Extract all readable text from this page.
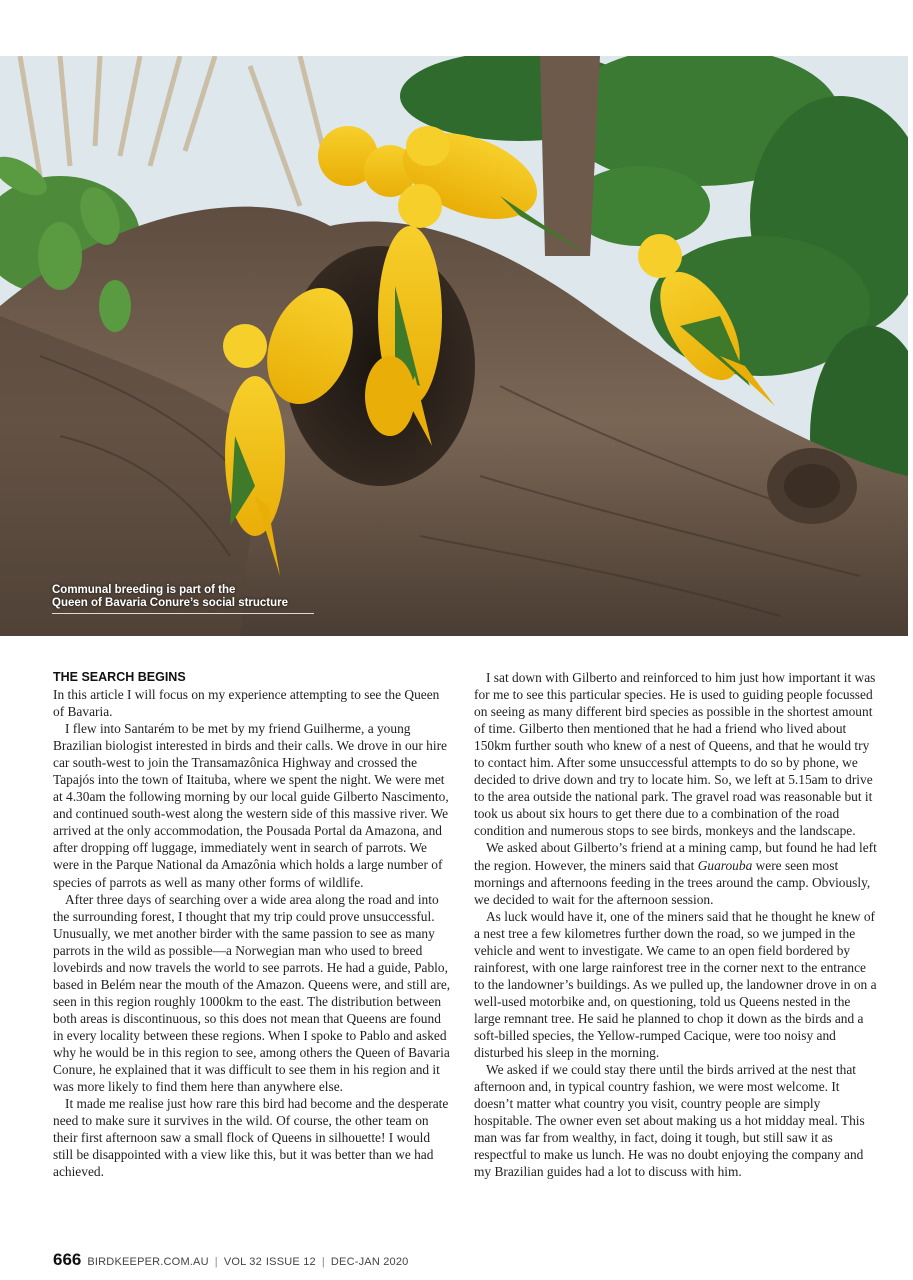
Communal breeding is part of the
Queen of Bavaria Conure’s social structure
THE SEARCH BEGINS

In this article I will focus on my experience attempting to see the Queen of Bavaria.

I flew into Santarém to be met by my friend Guilherme, a young Brazilian biologist interested in birds and their calls. We drove in our hire car south-west to join the Transamazônica Highway and crossed the Tapajós into the town of Itaituba, where we spent the night. We were met at 4.30am the following morning by our local guide Gilberto Nascimento, and continued south-west along the western side of this massive river. We arrived at the only accommodation, the Pousada Portal da Amazona, and after dropping off luggage, immediately went in search of parrots. We were in the Parque National da Amazônia which holds a large number of species of parrots as well as many other forms of wildlife.

After three days of searching over a wide area along the road and into the surrounding forest, I thought that my trip could prove unsuccessful. Unusually, we met another birder with the same passion to see as many parrots in the wild as possible—a Norwegian man who used to breed lovebirds and now travels the world to see parrots. He had a guide, Pablo, based in Belém near the mouth of the Amazon. Queens were, and still are, seen in this region roughly 1000km to the east. The distribution between both areas is discontinuous, so this does not mean that Queens are found in every locality between these regions. When I spoke to Pablo and asked why he would be in this region to see, among others the Queen of Bavaria Conure, he explained that it was difficult to see them in his region and it was more likely to find them here than anywhere else.

It made me realise just how rare this bird had become and the desperate need to make sure it survives in the wild. Of course, the other team on their first afternoon saw a small flock of Queens in silhouette! I would still be disappointed with a view like this, but it was better than we had achieved.

I sat down with Gilberto and reinforced to him just how important it was for me to see this particular species. He is used to guiding people focussed on seeing as many different bird species as possible in the shortest amount of time. Gilberto then mentioned that he had a friend who lived about 150km further south who knew of a nest of Queens, and that he would try to contact him. After some unsuccessful attempts to do so by phone, we decided to drive down and try to locate him. So, we left at 5.15am to drive to the area outside the national park. The gravel road was reasonable but it took us about six hours to get there due to a combination of the road condition and numerous stops to see birds, monkeys and the landscape.

We asked about Gilberto’s friend at a mining camp, but found he had left the region. However, the miners said that Guarouba were seen most mornings and afternoons feeding in the trees around the camp. Obviously, we decided to wait for the afternoon session.

As luck would have it, one of the miners said that he thought he knew of a nest tree a few kilometres further down the road, so we jumped in the vehicle and went to investigate. We came to an open field bordered by rainforest, with one large rainforest tree in the corner next to the entrance to the landowner’s buildings. As we pulled up, the landowner drove in on a well-used motorbike and, on questioning, told us Queens nested in the large remnant tree. He said he planned to chop it down as the birds and a soft-billed species, the Yellow-rumped Cacique, were too noisy and disturbed his sleep in the morning.

We asked if we could stay there until the birds arrived at the nest that afternoon and, in typical country fashion, we were most welcome. It doesn’t matter what country you visit, country people are simply hospitable. The owner even set about making us a hot midday meal. This man was far from wealthy, in fact, doing it tough, but still saw it as respectful to make us lunch. He was no doubt enjoying the company and my Brazilian guides had a lot to discuss with him.

666 BIRDKEEPER.COM.AU | VOL 32 ISSUE 12 | DEC-JAN 2020
